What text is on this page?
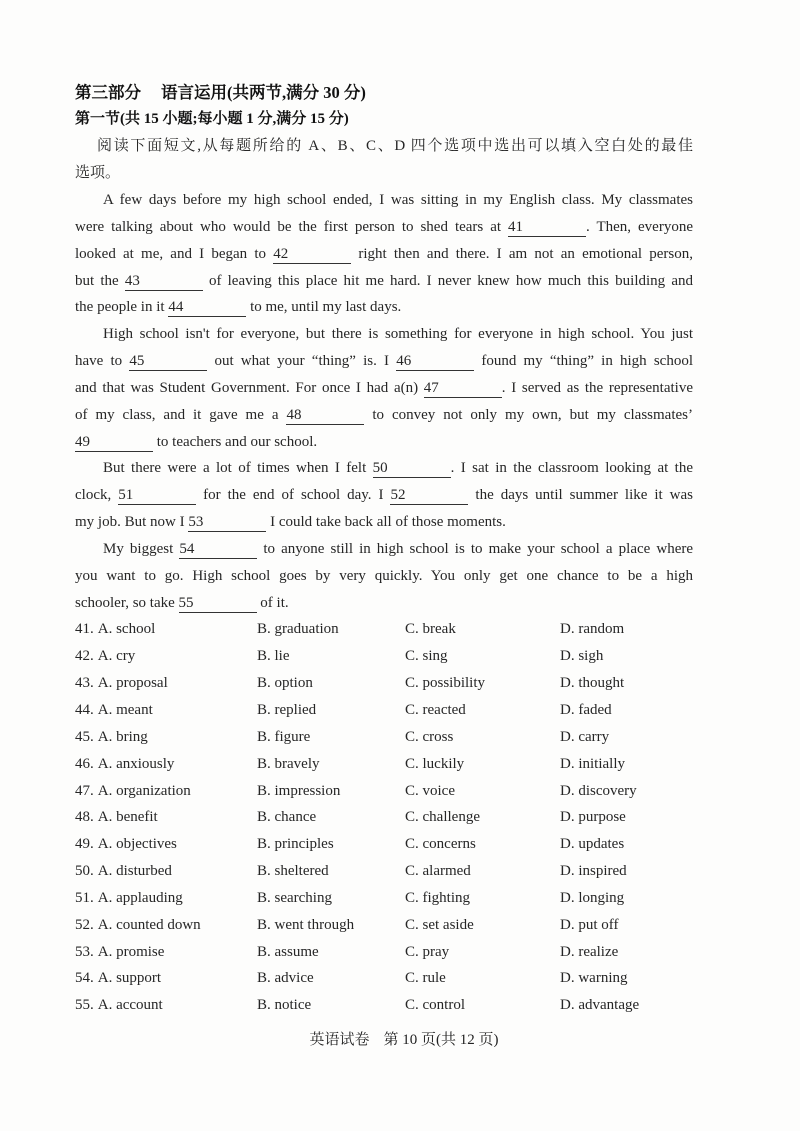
第三部分 语言运用(共两节,满分 30 分)
第一节(共 15 小题;每小题 1 分,满分 15 分)
阅读下面短文,从每题所给的 A、B、C、D 四个选项中选出可以填入空白处的最佳
选项。
A few days before my high school ended, I was sitting in my English class. My classmates
were talking about who would be the first person to shed tears at 41	. Then, everyone
looked at me, and I began to 42	right then and there. I am not an emotional person,
but the 43	of leaving this place hit me hard. I never knew how much this building and
the people in it 44	to me, until my last days.
High school isn't for everyone, but there is something for everyone in high school. You just
have to 45	out what your “thing” is. I 46	found my “thing” in high school
and that was Student Government. For once I had a(n) 47	. I served as the representative
of my class, and it gave me a 48	to convey not only my own, but my classmates’
49	to teachers and our school.
But there were a lot of times when I felt 50	. I sat in the classroom looking at the
clock, 51	for the end of school day. I 52	the days until summer like it was
my job. But now I 53	I could take back all of those moments.
My biggest 54	to anyone still in high school is to make your school a place where
you want to go. High school goes by very quickly. You only get one chance to be a high
schooler, so take 55	of it.
41. A. school	B. graduation	C. break	D. random
42. A. cry	B. lie	C. sing	D. sigh
43. A. proposal	B. option	C. possibility	D. thought
44. A. meant	B. replied	C. reacted	D. faded
45. A. bring	B. figure	C. cross	D. carry
46. A. anxiously	B. bravely	C. luckily	D. initially
47. A. organization	B. impression	C. voice	D. discovery
48. A. benefit	B. chance	C. challenge	D. purpose
49. A. objectives	B. principles	C. concerns	D. updates
50. A. disturbed	B. sheltered	C. alarmed	D. inspired
51. A. applauding	B. searching	C. fighting	D. longing
52. A. counted down	B. went through	C. set aside	D. put off
53. A. promise	B. assume	C. pray	D. realize
54. A. support	B. advice	C. rule	D. warning
55. A. account	B. notice	C. control	D. advantage
英语试卷 第 10 页(共 12 页)
